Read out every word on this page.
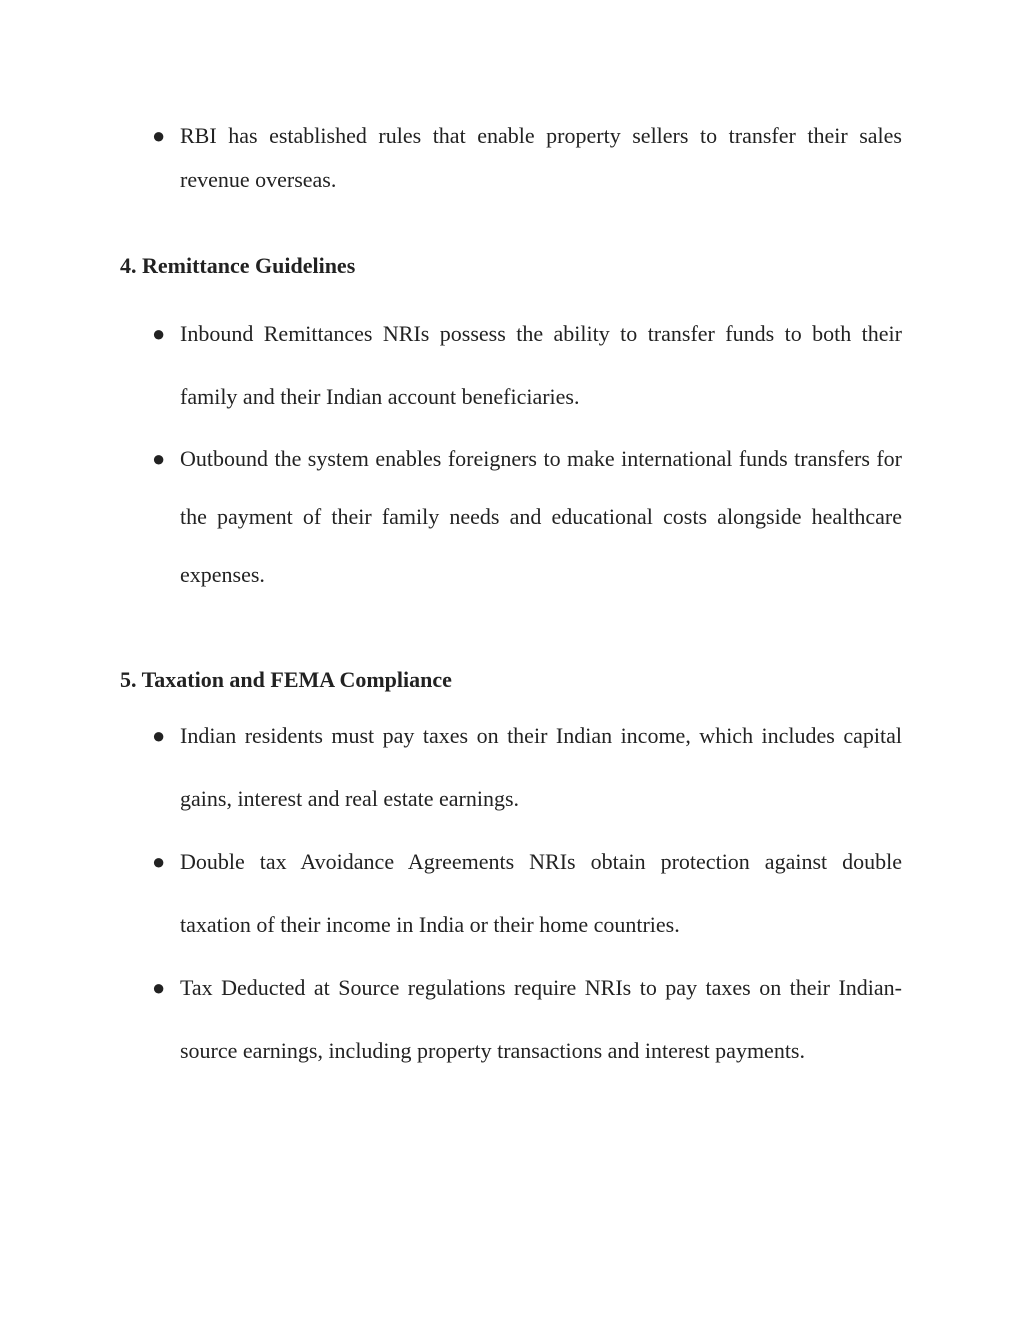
● RBI has established rules that enable property sellers to transfer their sales revenue overseas.
4. Remittance Guidelines
● Inbound Remittances NRIs possess the ability to transfer funds to both their family and their Indian account beneficiaries.
● Outbound the system enables foreigners to make international funds transfers for the payment of their family needs and educational costs alongside healthcare expenses.
5. Taxation and FEMA Compliance
● Indian residents must pay taxes on their Indian income, which includes capital gains, interest and real estate earnings.
● Double tax Avoidance Agreements NRIs obtain protection against double taxation of their income in India or their home countries.
● Tax Deducted at Source regulations require NRIs to pay taxes on their Indian-source earnings, including property transactions and interest payments.
